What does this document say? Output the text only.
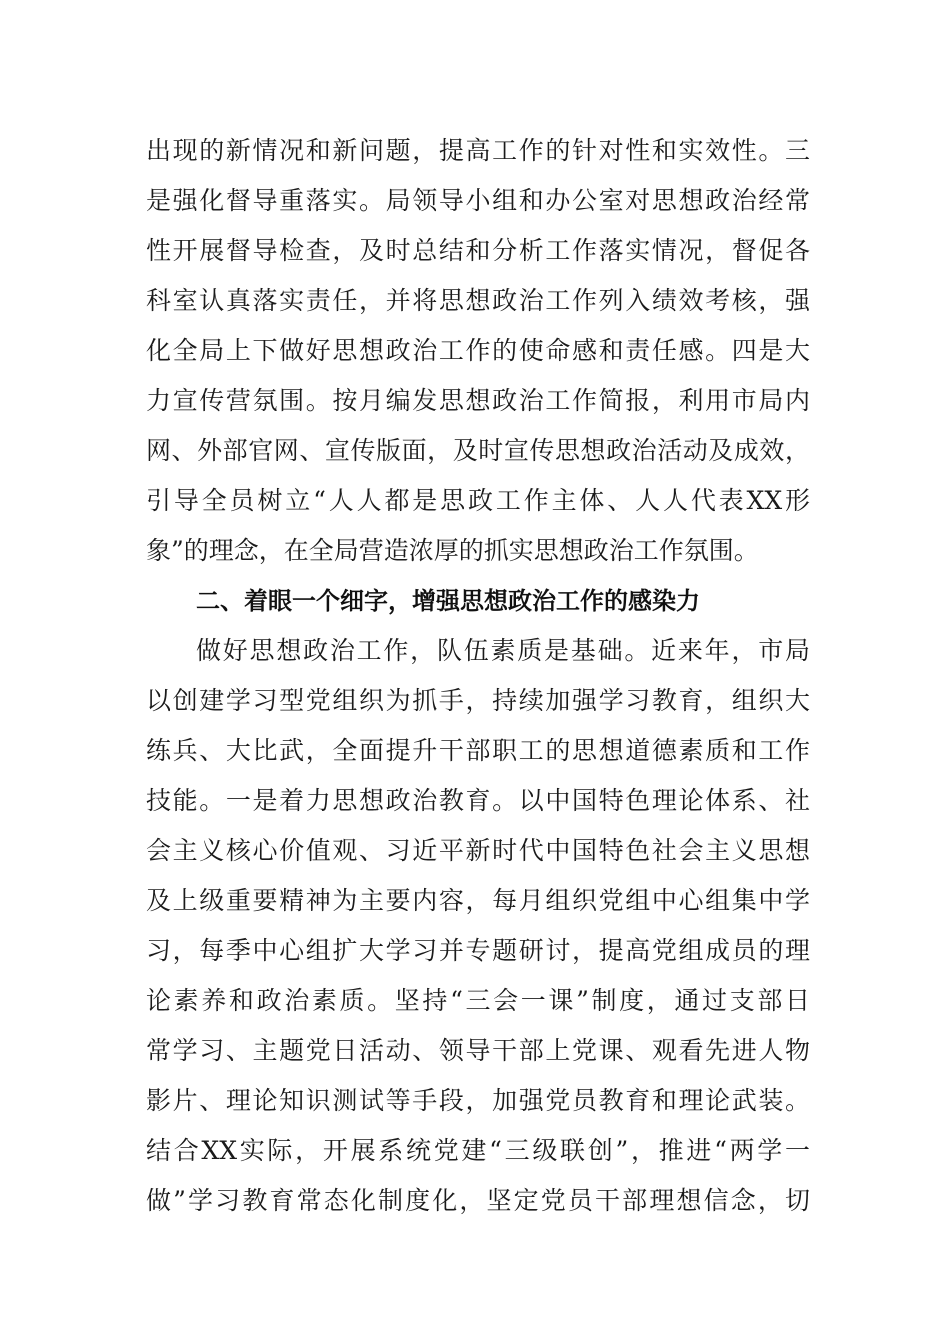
出现的新情况和新问题，提高工作的针对性和实效性。三
是强化督导重落实。局领导小组和办公室对思想政治经常
性开展督导检查，及时总结和分析工作落实情况，督促各
科室认真落实责任，并将思想政治工作列入绩效考核，强
化全局上下做好思想政治工作的使命感和责任感。四是大
力宣传营氛围。按月编发思想政治工作简报，利用市局内
网、外部官网、宣传版面，及时宣传思想政治活动及成效，
引导全员树立“人人都是思政工作主体、人人代表XX形
象”的理念，在全局营造浓厚的抓实思想政治工作氛围。
二、着眼一个细字，增强思想政治工作的感染力
做好思想政治工作，队伍素质是基础。近来年，市局
以创建学习型党组织为抓手，持续加强学习教育，组织大
练兵、大比武，全面提升干部职工的思想道德素质和工作
技能。一是着力思想政治教育。以中国特色理论体系、社
会主义核心价值观、习近平新时代中国特色社会主义思想
及上级重要精神为主要内容，每月组织党组中心组集中学
习，每季中心组扩大学习并专题研讨，提高党组成员的理
论素养和政治素质。坚持“三会一课”制度，通过支部日
常学习、主题党日活动、领导干部上党课、观看先进人物
影片、理论知识测试等手段，加强党员教育和理论武装。
结合XX实际，开展系统党建“三级联创”，推进“两学一
做”学习教育常态化制度化，坚定党员干部理想信念，切
